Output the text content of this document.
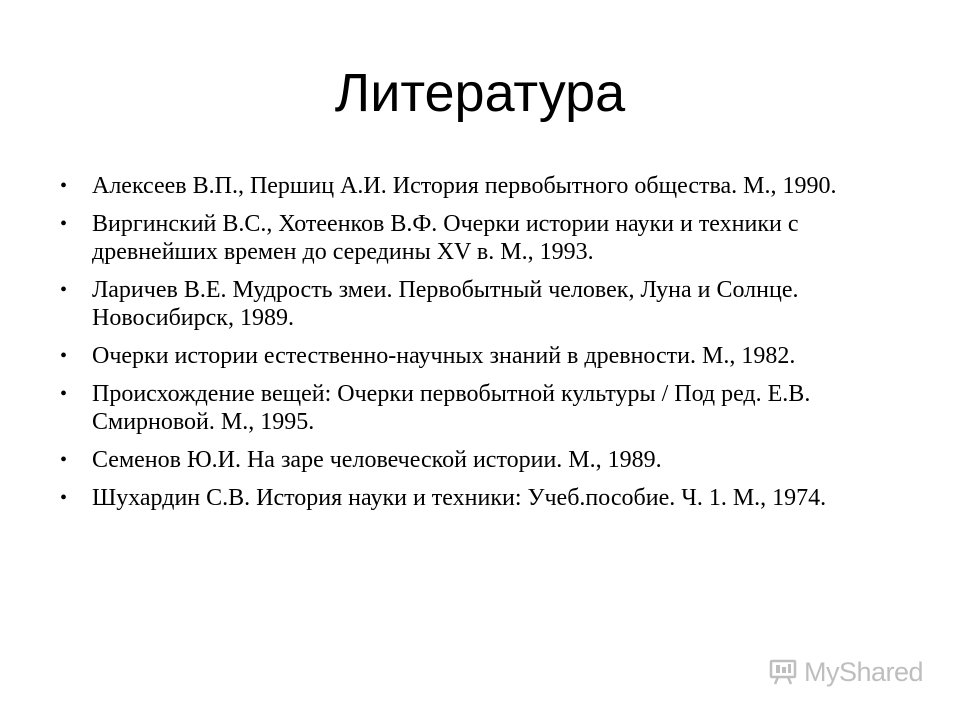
Литература
• Алексеев В.П., Першиц А.И. История первобытного общества. М., 1990.
• Виргинский В.С., Хотеенков В.Ф. Очерки истории науки и техники с древнейших времен до середины XV в. М., 1993.
• Ларичев В.Е. Мудрость змеи. Первобытный человек, Луна и Солнце. Новосибирск, 1989.
• Очерки истории естественно-научных знаний в древности. М., 1982.
• Происхождение вещей: Очерки первобытной культуры / Под ред. Е.В. Смирновой. М., 1995.
• Семенов Ю.И. На заре человеческой истории. М., 1989.
• Шухардин С.В. История науки и техники: Учеб.пособие. Ч. 1. М., 1974.
MyShared
